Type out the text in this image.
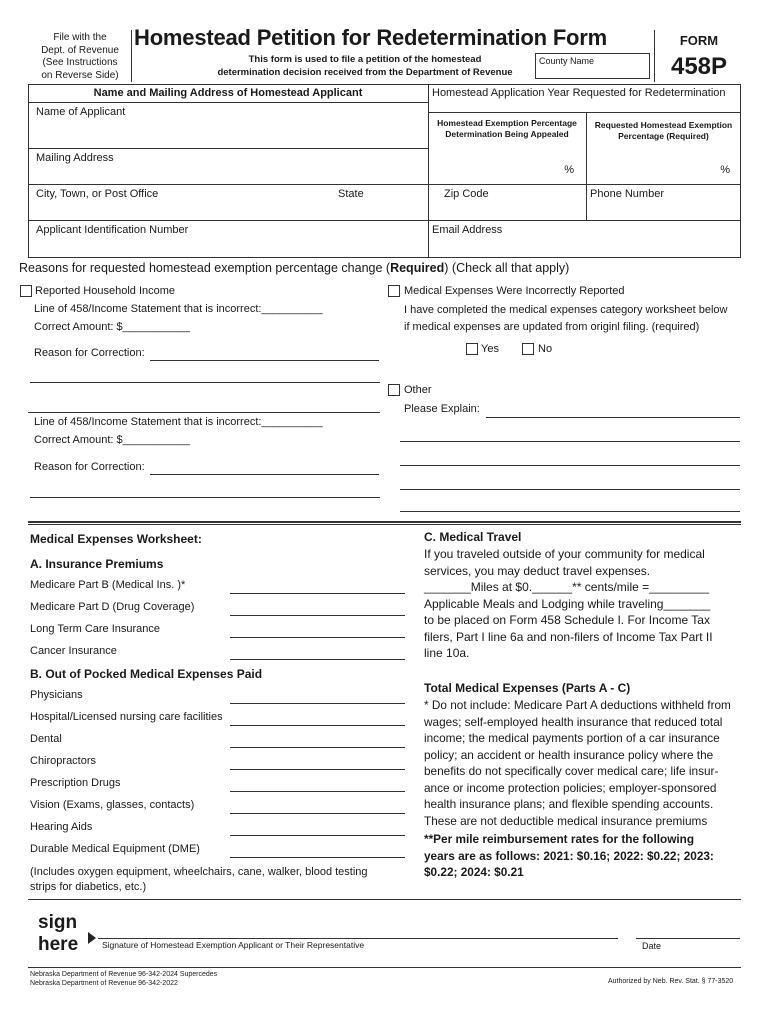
File with the
Dept. of Revenue
(See Instructions
on Reverse Side)
Homestead Petition for Redetermination Form
This form is used to file a petition of the homestead
determination decision received from the Department of Revenue
County Name
FORM
458P
Name and Mailing Address of Homestead Applicant	Homestead Application Year Requested for Redetermination
Name of Applicant
Homestead Exemption Percentage
Determination Being Appealed
Requested Homestead Exemption
Percentage (Required)
%	%
Mailing Address
City, Town, or Post Office	State	Zip Code	Phone Number
Applicant Identification Number	Email Address
Reasons for requested homestead exemption percentage change (Required) (Check all that apply)
Reported Household Income
Line of 458/Income Statement that is incorrect:__________
Correct Amount: $___________
Reason for Correction:
Line of 458/Income Statement that is incorrect:__________
Correct Amount: $___________
Reason for Correction:
Medical Expenses Were Incorrectly Reported
I have completed the medical expenses category worksheet below
if medical expenses are updated from originl filing. (required)
Yes	No
Other
Please Explain:
Medical Expenses Worksheet:
A. Insurance Premiums
Medicare Part B (Medical Ins. )*
Medicare Part D (Drug Coverage)
Long Term Care Insurance
Cancer Insurance
B. Out of Pocked Medical Expenses Paid
Physicians
Hospital/Licensed nursing care facilities
Dental
Chiropractors
Prescription Drugs
Vision (Exams, glasses, contacts)
Hearing Aids
Durable Medical Equipment (DME)
(Includes oxygen equipment, wheelchairs, cane, walker, blood testing
strips for diabetics, etc.)
C. Medical Travel
If you traveled outside of your community for medical
services, you may deduct travel expenses.
_______Miles at $0.______** cents/mile =_________
Applicable Meals and Lodging while traveling_______
to be placed on Form 458 Schedule I. For Income Tax
filers, Part I line 6a and non-filers of Income Tax Part II
line 10a.
Total Medical Expenses (Parts A - C)
* Do not include: Medicare Part A deductions withheld from
wages; self-employed health insurance that reduced total
income; the medical payments portion of a car insurance
policy; an accident or health insurance policy where the
benefits do not specifically cover medical care; life insur-
ance or income protection policies; employer-sponsored
health insurance plans; and flexible spending accounts.
These are not deductible medical insurance premiums
**Per mile reimbursement rates for the following
years are as follows: 2021: $0.16; 2022: $0.22; 2023:
$0.22; 2024: $0.21
sign
here	Signature of Homestead Exemption Applicant or Their Representative	Date
Nebraska Department of Revenue 96-342-2024 Supercedes
Nebraska Department of Revenue 96-342-2022	Authorized by Neb. Rev. Stat. § 77-3520
